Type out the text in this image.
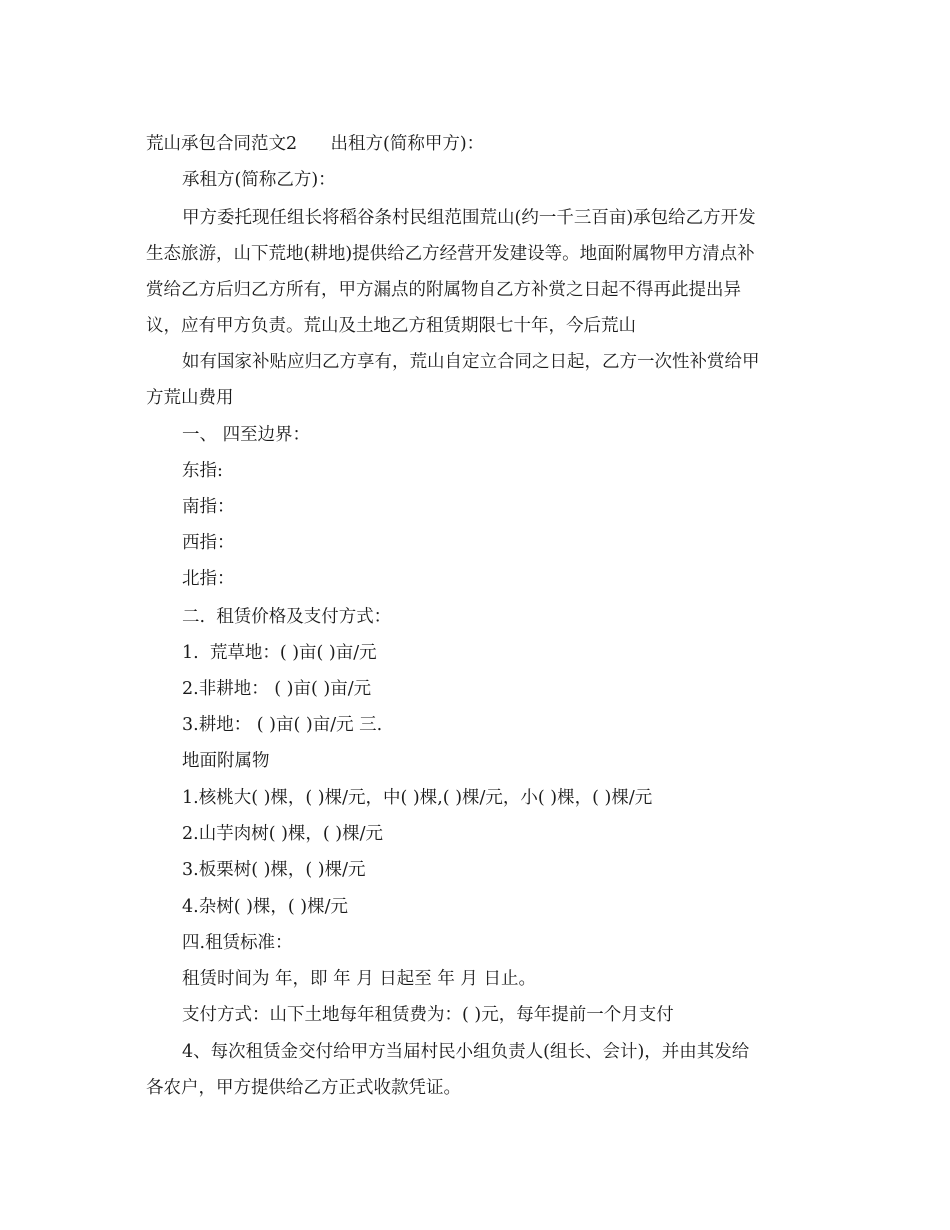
荒山承包合同范文2      出租方(简称甲方)：
承租方(简称乙方)：
甲方委托现任组长将稻谷条村民组范围荒山(约一千三百亩)承包给乙方开发
生态旅游，山下荒地(耕地)提供给乙方经营开发建设等。地面附属物甲方清点补
赏给乙方后归乙方所有，甲方漏点的附属物自乙方补赏之日起不得再此提出异
议，应有甲方负责。荒山及土地乙方租赁期限七十年，今后荒山
如有国家补贴应归乙方享有，荒山自定立合同之日起，乙方一次性补赏给甲
方荒山费用
一、 四至边界：
东指:
南指：
西指：
北指：
二.  租赁价格及支付方式：
1.  荒草地：( )亩( )亩/元
2.非耕地： ( )亩( )亩/元
3.耕地： ( )亩( )亩/元 三.
地面附属物
1.核桃大( )棵，( )棵/元，中( )棵,( )棵/元，小( )棵，( )棵/元
2.山芋肉树( )棵，( )棵/元
3.板栗树( )棵，( )棵/元
4.杂树( )棵，( )棵/元
四.租赁标准：
租赁时间为 年，即 年 月 日起至 年 月 日止。
支付方式：山下土地每年租赁费为：( )元，每年提前一个月支付
4、每次租赁金交付给甲方当届村民小组负责人(组长、会计)，并由其发给
各农户，甲方提供给乙方正式收款凭证。
